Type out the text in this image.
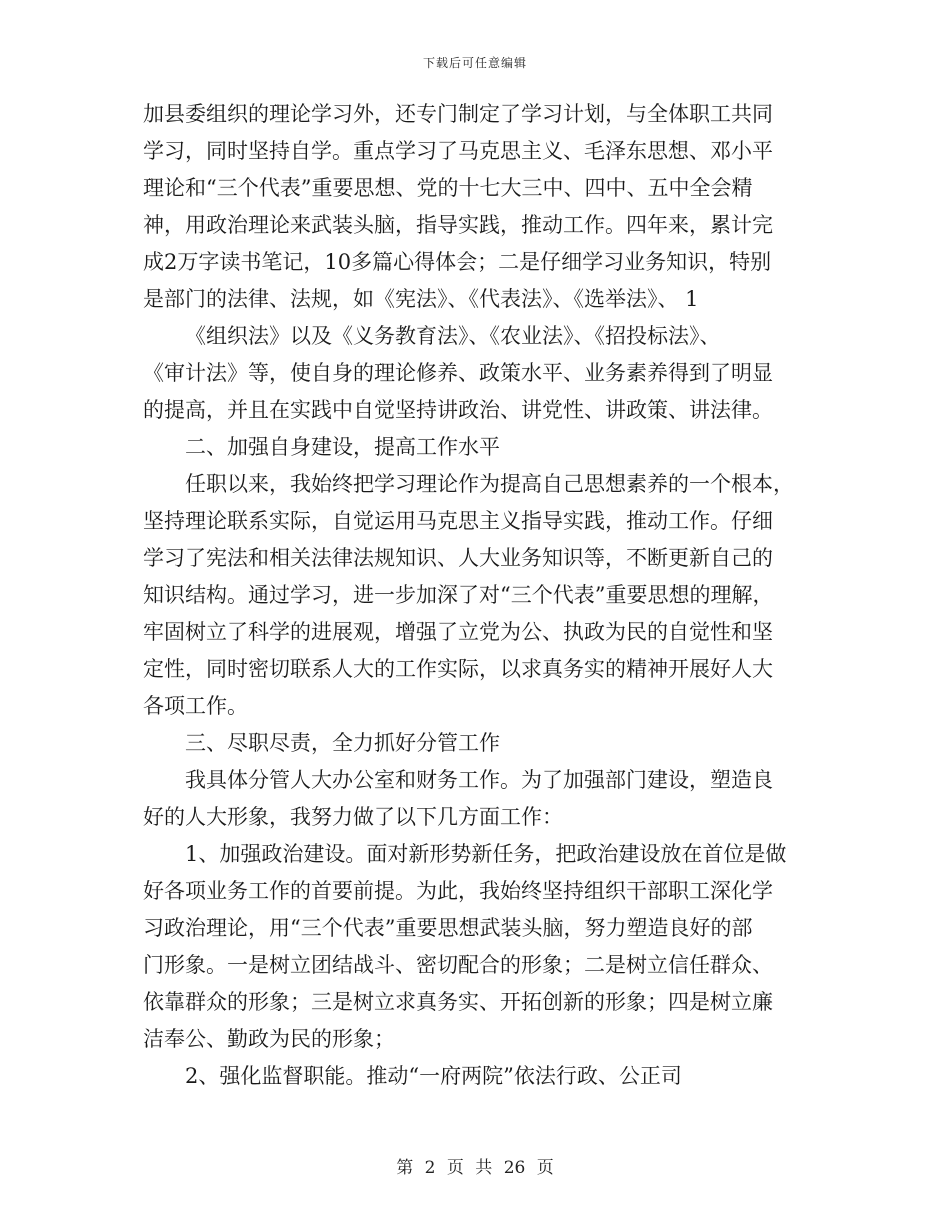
下载后可任意编辑
加县委组织的理论学习外，还专门制定了学习计划，与全体职工共同
学习，同时坚持自学。重点学习了马克思主义、毛泽东思想、邓小平
理论和“三个代表”重要思想、党的十七大三中、四中、五中全会精
神，用政治理论来武装头脑，指导实践，推动工作。四年来，累计完
成2万字读书笔记，10多篇心得体会；二是仔细学习业务知识，特别
是部门的法律、法规，如《宪法》、《代表法》、《选举法》、 1
《组织法》以及《义务教育法》、《农业法》、《招投标法》、
《审计法》等，使自身的理论修养、政策水平、业务素养得到了明显
的提高，并且在实践中自觉坚持讲政治、讲党性、讲政策、讲法律。
二、加强自身建设，提高工作水平
任职以来，我始终把学习理论作为提高自己思想素养的一个根本，
坚持理论联系实际，自觉运用马克思主义指导实践，推动工作。仔细
学习了宪法和相关法律法规知识、人大业务知识等，不断更新自己的
知识结构。通过学习，进一步加深了对“三个代表”重要思想的理解，
牢固树立了科学的进展观，增强了立党为公、执政为民的自觉性和坚
定性，同时密切联系人大的工作实际，以求真务实的精神开展好人大
各项工作。
三、尽职尽责，全力抓好分管工作
我具体分管人大办公室和财务工作。为了加强部门建设，塑造良
好的人大形象，我努力做了以下几方面工作：
1、加强政治建设。面对新形势新任务，把政治建设放在首位是做
好各项业务工作的首要前提。为此，我始终坚持组织干部职工深化学
习政治理论，用“三个代表”重要思想武装头脑，努力塑造良好的部
门形象。一是树立团结战斗、密切配合的形象；二是树立信任群众、
依靠群众的形象；三是树立求真务实、开拓创新的形象；四是树立廉
洁奉公、勤政为民的形象；
2、强化监督职能。推动“一府两院”依法行政、公正司
第 2 页 共 26 页
